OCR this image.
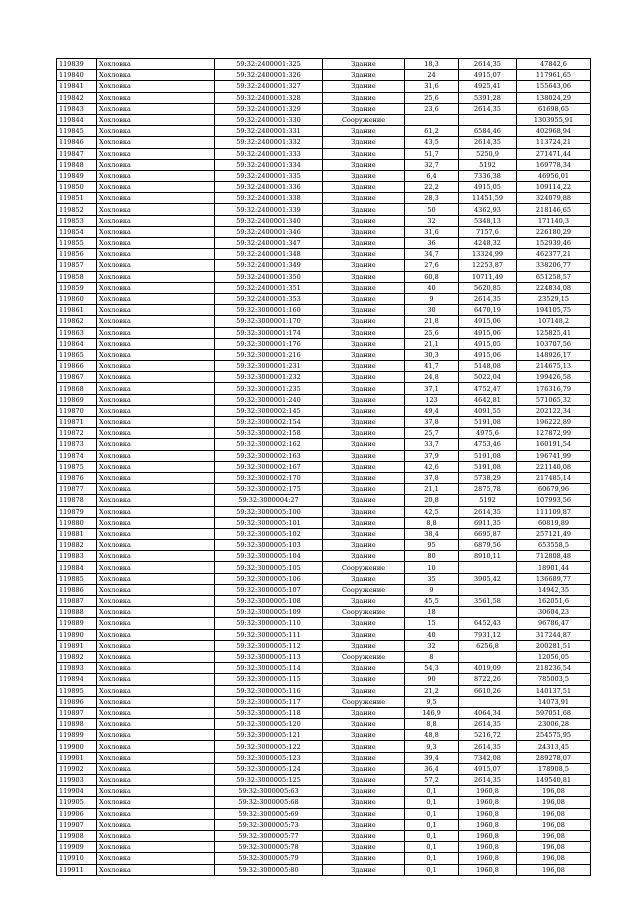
119839	Хохловка	59:32:2400001:325	Здание	18,3	2614,35	47842,6
119840	Хохловка	59:32:2400001:326	Здание	24	4915,07	117961,65
119841	Хохловка	59:32:2400001:327	Здание	31,6	4925,41	155643,06
119842	Хохловка	59:32:2400001:328	Здание	25,6	5391,28	138024,29
119843	Хохловка	59:32:2400001:329	Здание	23,6	2614,35	61698,65
119844	Хохловка	59:32:2400001:330	Сооружение			1303955,91
119845	Хохловка	59:32:2400001:331	Здание	61,2	6584,46	402968,94
119846	Хохловка	59:32:2400001:332	Здание	43,5	2614,35	113724,21
119847	Хохловка	59:32:2400001:333	Здание	51,7	5250,9	271471,44
119848	Хохловка	59:32:2400001:334	Здание	32,7	5192	169778,34
119849	Хохловка	59:32:2400001:335	Здание	6,4	7336,38	46956,01
119850	Хохловка	59:32:2400001:336	Здание	22,2	4915,05	109114,22
119851	Хохловка	59:32:2400001:338	Здание	28,3	11451,59	324079,88
119852	Хохловка	59:32:2400001:339	Здание	50	4362,93	218146,65
119853	Хохловка	59:32:2400001:340	Здание	32	5348,13	171140,3
119854	Хохловка	59:32:2400001:346	Здание	31,6	7157,6	226180,29
119855	Хохловка	59:32:2400001:347	Здание	36	4248,32	152939,46
119856	Хохловка	59:32:2400001:348	Здание	34,7	13324,99	462377,21
119857	Хохловка	59:32:2400001:349	Здание	27,6	12253,87	338206,77
119858	Хохловка	59:32:2400001:350	Здание	60,8	10711,49	651258,57
119859	Хохловка	59:32:2400001:351	Здание	40	5620,85	224834,08
119860	Хохловка	59:32:2400001:353	Здание	9	2614,35	23529,15
119861	Хохловка	59:32:3000001:160	Здание	30	6470,19	194105,75
119862	Хохловка	59:32:3000001:170	Здание	21,8	4915,06	107148,2
119863	Хохловка	59:32:3000001:174	Здание	25,6	4915,06	125825,41
119864	Хохловка	59:32:3000001:176	Здание	21,1	4915,05	103707,56
119865	Хохловка	59:32:3000001:216	Здание	30,3	4915,06	148926,17
119866	Хохловка	59:32:3000001:231	Здание	41,7	5148,08	214675,13
119867	Хохловка	59:32:3000001:232	Здание	24,8	5022,04	199426,58
119868	Хохловка	59:32:3000001:235	Здание	37,1	4752,47	176316,79
119869	Хохловка	59:32:3000001:240	Здание	123	4642,81	571065,32
119870	Хохловка	59:32:3000002:145	Здание	49,4	4091,55	202122,34
119871	Хохловка	59:32:3000002:154	Здание	37,8	5191,08	196222,89
119872	Хохловка	59:32:3000002:158	Здание	25,7	4975,6	127872,99
119873	Хохловка	59:32:3000002:162	Здание	33,7	4753,46	160191,54
119874	Хохловка	59:32:3000002:163	Здание	37,9	5191,08	196741,99
119875	Хохловка	59:32:3000002:167	Здание	42,6	5191,08	221140,08
119876	Хохловка	59:32:3000002:170	Здание	37,8	5738,29	217485,14
119877	Хохловка	59:32:3000002:175	Здание	21,1	2875,78	60679,96
119878	Хохловка	59:32:3000004:27	Здание	20,8	5192	107993,56
119879	Хохловка	59:32:3000005:100	Здание	42,5	2614,35	111109,87
119880	Хохловка	59:32:3000005:101	Здание	8,8	6911,35	60819,89
119881	Хохловка	59:32:3000005:102	Здание	38,4	6695,87	257121,49
119882	Хохловка	59:32:3000005:103	Здание	95	6879,56	653558,5
119883	Хохловка	59:32:3000005:104	Здание	80	8910,11	712808,48
119884	Хохловка	59:32:3000005:105	Сооружение	10		18901,44
119885	Хохловка	59:32:3000005:106	Здание	35	3905,42	136689,77
119886	Хохловка	59:32:3000005:107	Сооружение	9		14942,35
119887	Хохловка	59:32:3000005:108	Здание	45,5	3561,58	162051,6
119888	Хохловка	59:32:3000005:109	Сооружение	18		30604,23
119889	Хохловка	59:32:3000005:110	Здание	15	6452,43	96786,47
119890	Хохловка	59:32:3000005:111	Здание	40	7931,12	317244,87
119891	Хохловка	59:32:3000005:112	Здание	32	6256,8	200281,51
119892	Хохловка	59:32:3000005:113	Сооружение	8		12056,05
119893	Хохловка	59:32:3000005:114	Здание	54,3	4019,09	218236,54
119894	Хохловка	59:32:3000005:115	Здание	90	8722,26	785003,5
119895	Хохловка	59:32:3000005:116	Здание	21,2	6610,26	140137,51
119896	Хохловка	59:32:3000005:117	Сооружение	9,5		14073,91
119897	Хохловка	59:32:3000005:118	Здание	146,9	4064,34	597051,68
119898	Хохловка	59:32:3000005:120	Здание	8,8	2614,35	23006,28
119899	Хохловка	59:32:3000005:121	Здание	48,8	5216,72	254575,95
119900	Хохловка	59:32:3000005:122	Здание	9,3	2614,35	24313,45
119901	Хохловка	59:32:3000005:123	Здание	39,4	7342,08	289278,07
119902	Хохловка	59:32:3000005:124	Здание	36,4	4915,07	178908,5
119903	Хохловка	59:32:3000005:125	Здание	57,2	2614,35	149540,81
119904	Хохловка	59:32:3000005:63	Здание	0,1	1960,8	196,08
119905	Хохловка	59:32:3000005:68	Здание	0,1	1960,8	196,08
119906	Хохловка	59:32:3000005:69	Здание	0,1	1960,8	196,08
119907	Хохловка	59:32:3000005:73	Здание	0,1	1960,8	196,08
119908	Хохловка	59:32:3000005:77	Здание	0,1	1960,8	196,08
119909	Хохловка	59:32:3000005:78	Здание	0,1	1960,8	196,08
119910	Хохловка	59:32:3000005:79	Здание	0,1	1960,8	196,08
119911	Хохловка	59:32:3000005:80	Здание	0,1	1960,8	196,08
